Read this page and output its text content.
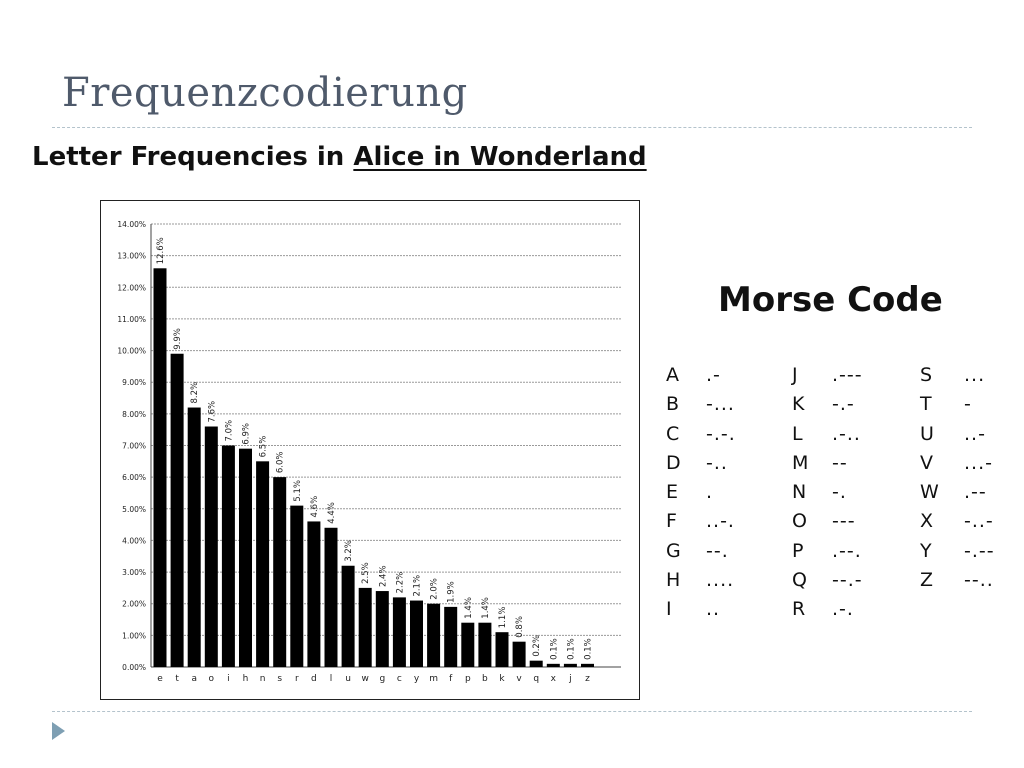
Frequenzcodierung
Letter Frequencies in Alice in Wonderland
0.00%
1.00%
2.00%
3.00%
4.00%
5.00%
6.00%
7.00%
8.00%
9.00%
10.00%
11.00%
12.00%
13.00%
14.00%
e
12.6%
t
9.9%
a
8.2%
o
7.6%
i
7.0%
h
6.9%
n
6.5%
s
6.0%
r
5.1%
d
4.6%
l
4.4%
u
3.2%
w
2.5%
g
2.4%
c
2.2%
y
2.1%
m
2.0%
f
1.9%
p
1.4%
b
1.4%
k
1.1%
v
0.8%
q
0.2%
x
0.1%
j
0.1%
z
0.1%
Morse Code
A	.-
B	-...
C	-.-.
D	-..
E	.
F	..-.
G	--.
H	....
I	..
J	.---
K	-.-
L	.-..
M --
N	-.
O	---
P	.--.
Q	--.-
R	.-.
S	...
T	-
U	..-
V	...-
W .--
X	-..-
Y	-.--
Z	--..
